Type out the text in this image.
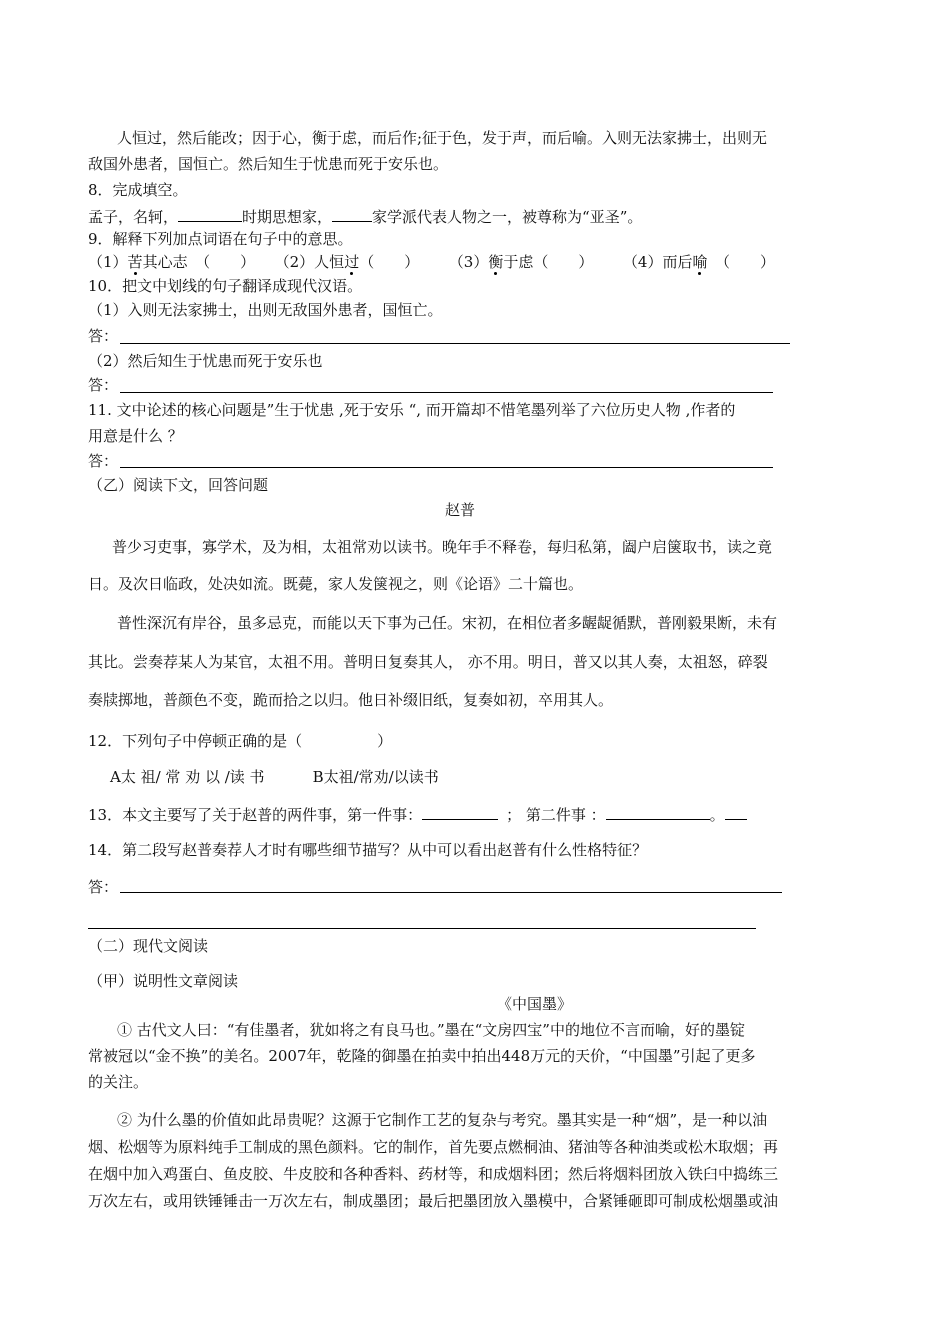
人恒过，然后能改；因于心，衡于虑，而后作;征于色，发于声，而后喻。入则无法家拂士，出则无
敌国外患者，国恒亡。然后知生于忧患而死于安乐也。
8．完成填空。
孟子，名轲，	时期思想家，	家学派代表人物之一，被尊称为“亚圣”。
9．解释下列加点词语在句子中的意思。
（1）苦其心志　（　　） （2）人恒过（　　） （3）衡于虑（　　） （4）而后喻　（　　）
10．把文中划线的句子翻译成现代汉语。
（1）入则无法家拂士，出则无敌国外患者，国恒亡。
答：
（2）然后知生于忧患而死于安乐也
答：
11. 文中论述的核心问题是”生于忧患 ,死于安乐 “, 而开篇却不惜笔墨列举了六位历史人物 ,作者的
用意是什么 ？
答：
（乙）阅读下文，回答问题
赵普
普少习吏事，寡学术，及为相，太祖常劝以读书。晚年手不释卷，每归私第，阖户启箧取书，读之竟
日。及次日临政，处决如流。既薨，家人发箧视之，则《论语》二十篇也。
普性深沉有岸谷，虽多忌克，而能以天下事为己任。宋初，在相位者多龌龊循默，普刚毅果断，未有
其比。尝奏荐某人为某官，太祖不用。普明日复奏其人， 亦不用。明日，普又以其人奏，太祖怒，碎裂
奏牍掷地，普颜色不变，跪而拾之以归。他日补缀旧纸，复奏如初，卒用其人。
12．下列句子中停顿正确的是（　　　　　）
A太 祖/ 常 劝 以 /读 书	B太祖/常劝/以读书
13．本文主要写了关于赵普的两件事，第一件事：	； 第二件事 ：	。
14．第二段写赵普奏荐人才时有哪些细节描写？从中可以看出赵普有什么性格特征？
答：
（二）现代文阅读
（甲）说明性文章阅读
《中国墨》
① 古代文人曰：“有佳墨者，犹如将之有良马也。”墨在“文房四宝”中的地位不言而喻，好的墨锭
常被冠以“金不换”的美名。2007年，乾隆的御墨在拍卖中拍出448万元的天价，“中国墨”引起了更多
的关注。
② 为什么墨的价值如此昂贵呢？这源于它制作工艺的复杂与考究。墨其实是一种“烟”，是一种以油
烟、松烟等为原料纯手工制成的黑色颜料。它的制作，首先要点燃桐油、猪油等各种油类或松木取烟；再
在烟中加入鸡蛋白、鱼皮胶、牛皮胶和各种香料、药材等，和成烟料团；然后将烟料团放入铁臼中捣练三
万次左右，或用铁锤锤击一万次左右，制成墨团；最后把墨团放入墨模中，合紧锤砸即可制成松烟墨或油
